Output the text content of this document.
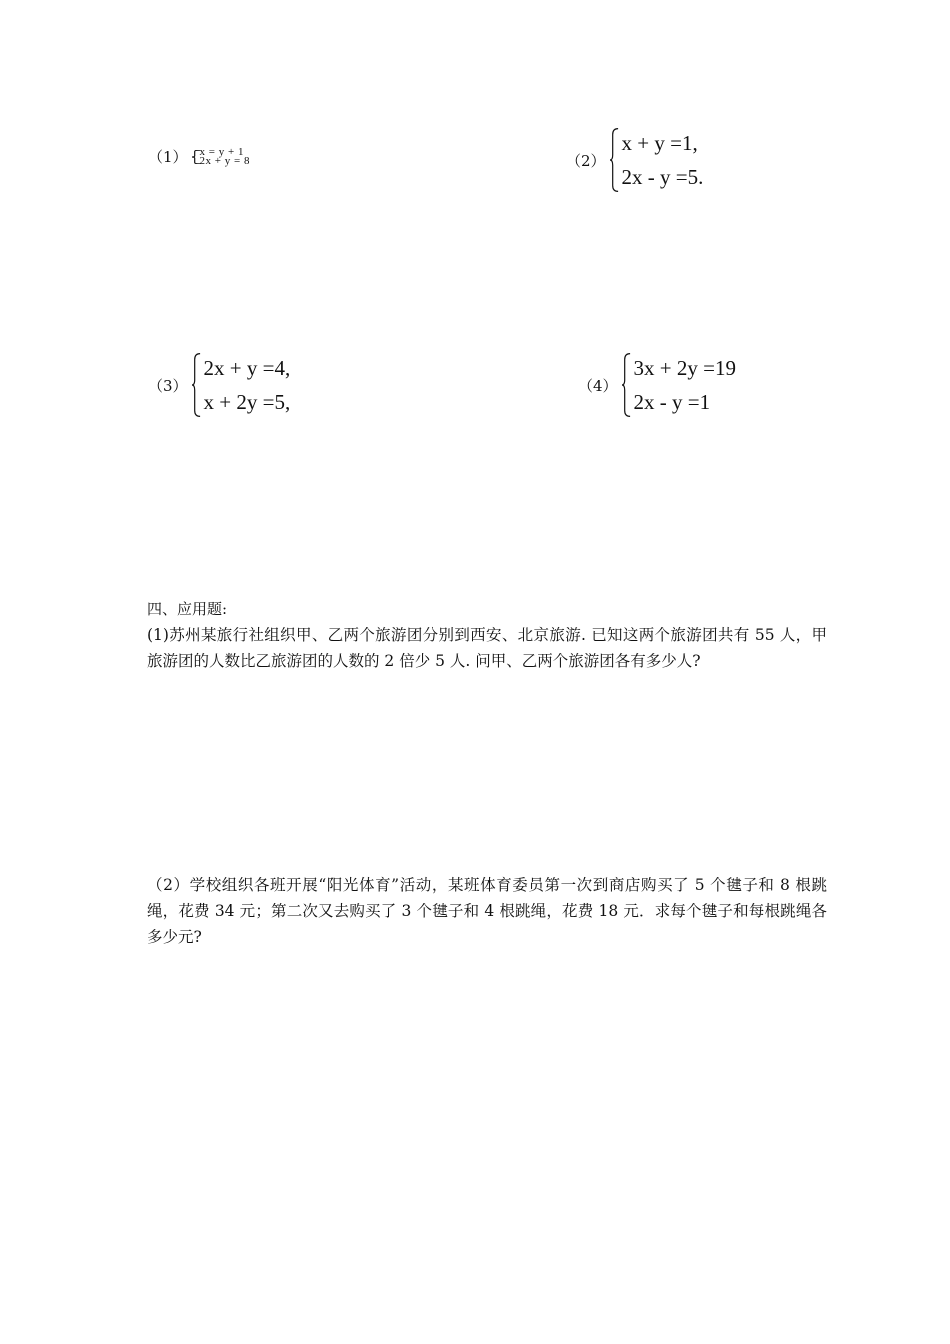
（1） x = y + 1
2x + y = 8	（2）
x + y =1,
2x - y =5.
（3）
2x + y =4,
x + 2y =5,
（4）
3x + 2y =19
2x - y =1
四、应用题:
(1)苏州某旅行社组织甲、乙两个旅游团分别到西安、北京旅游. 已知这两个旅游团共有 55 人，甲旅游团的人数比乙旅游团的人数的 2 倍少 5 人. 问甲、乙两个旅游团各有多少人?
（2）学校组织各班开展“阳光体育”活动，某班体育委员第一次到商店购买了 5 个毽子和 8 根跳绳，花费 34 元；第二次又去购买了 3 个毽子和 4 根跳绳，花费 18 元．求每个毽子和每根跳绳各多少元?
